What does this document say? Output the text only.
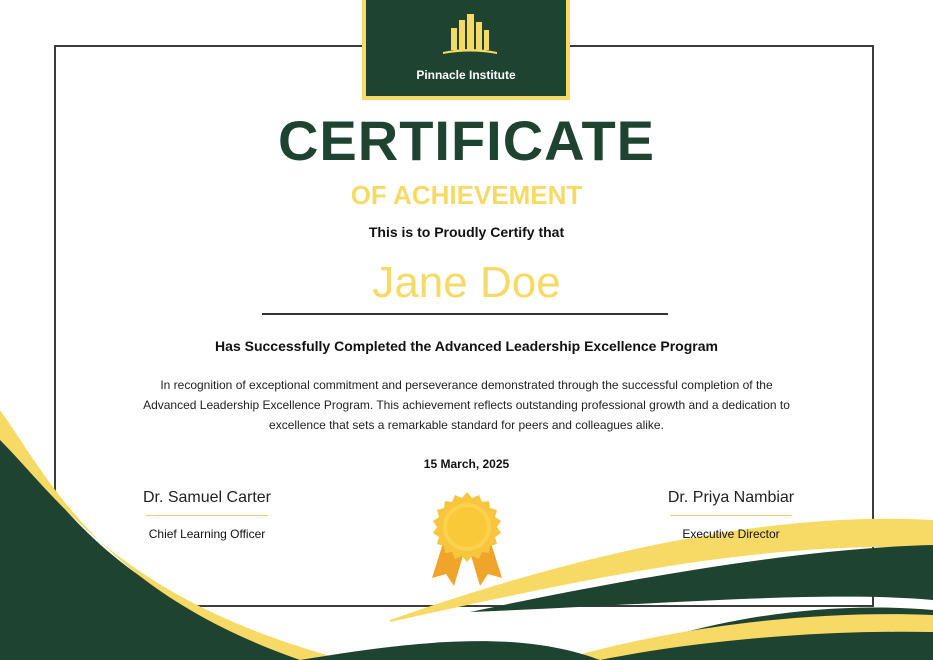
Pinnacle Institute
CERTIFICATE
OF ACHIEVEMENT
This is to Proudly Certify that
Jane Doe
Has Successfully Completed the Advanced Leadership Excellence Program
In recognition of exceptional commitment and perseverance demonstrated through the successful completion of the Advanced Leadership Excellence Program. This achievement reflects outstanding professional growth and a dedication to excellence that sets a remarkable standard for peers and colleagues alike.
15 March, 2025
Dr. Samuel Carter
Chief Learning Officer
Dr. Priya Nambiar
Executive Director
